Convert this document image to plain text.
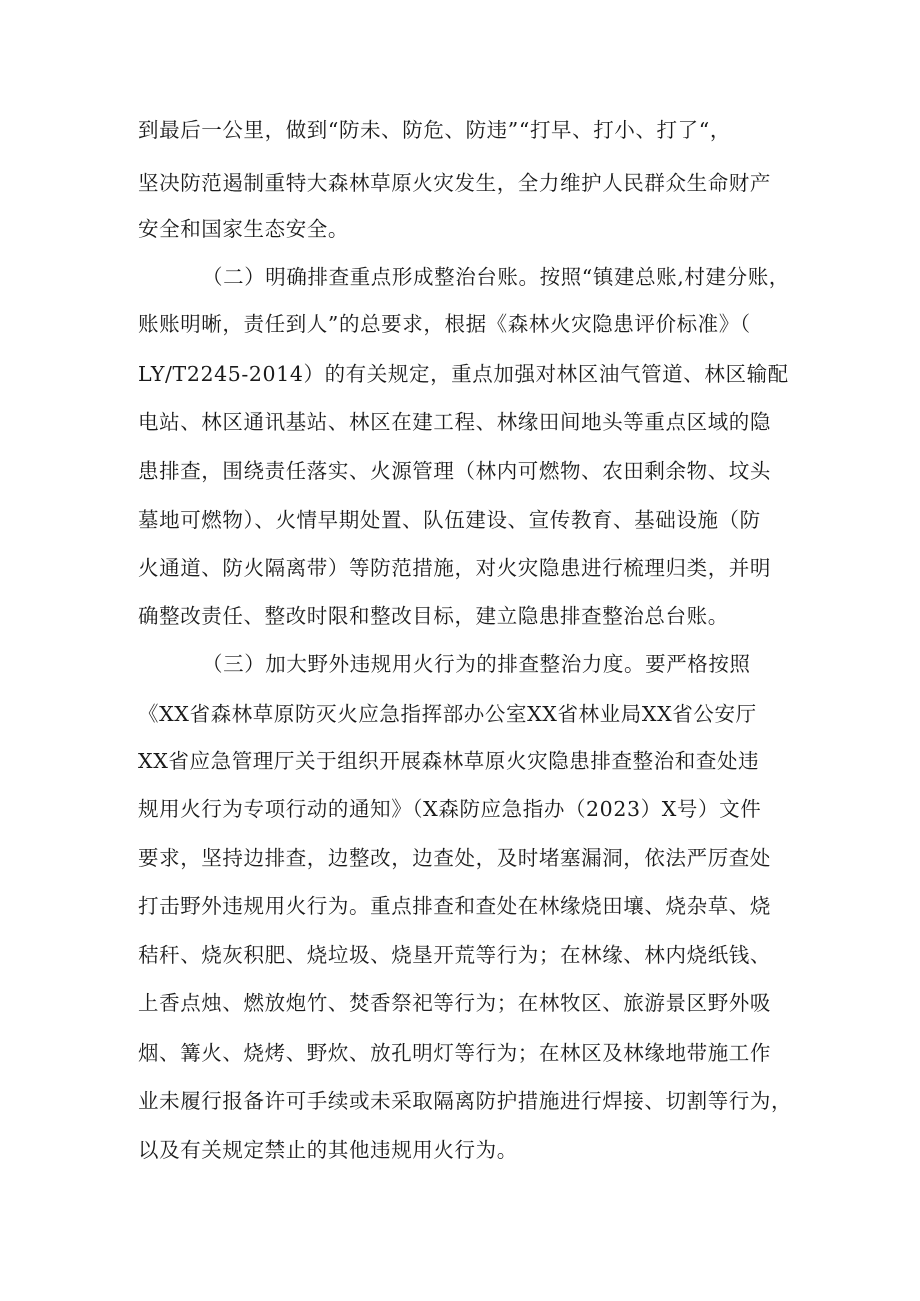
到最后一公里，做到“防未、防危、防违”“打早、打小、打了“，
坚决防范遏制重特大森林草原火灾发生，全力维护人民群众生命财产
安全和国家生态安全。
（二）明确排查重点形成整治台账。按照“镇建总账,村建分账，
账账明晰，责任到人”的总要求，根据《森林火灾隐患评价标准》（
LY/T2245-2014）的有关规定，重点加强对林区油气管道、林区输配
电站、林区通讯基站、林区在建工程、林缘田间地头等重点区域的隐
患排查，围绕责任落实、火源管理（林内可燃物、农田剩余物、坟头
墓地可燃物）、火情早期处置、队伍建设、宣传教育、基础设施（防
火通道、防火隔离带）等防范措施，对火灾隐患进行梳理归类，并明
确整改责任、整改时限和整改目标，建立隐患排查整治总台账。
（三）加大野外违规用火行为的排查整治力度。要严格按照
《XX省森林草原防灭火应急指挥部办公室XX省林业局XX省公安厅
XX省应急管理厅关于组织开展森林草原火灾隐患排查整治和查处违
规用火行为专项行动的通知》（X森防应急指办（2023）X号）文件
要求，坚持边排查，边整改，边查处，及时堵塞漏洞，依法严厉查处
打击野外违规用火行为。重点排查和查处在林缘烧田壤、烧杂草、烧
秸秆、烧灰积肥、烧垃圾、烧垦开荒等行为；在林缘、林内烧纸钱、
上香点烛、燃放炮竹、焚香祭祀等行为；在林牧区、旅游景区野外吸
烟、篝火、烧烤、野炊、放孔明灯等行为；在林区及林缘地带施工作
业未履行报备许可手续或未采取隔离防护措施进行焊接、切割等行为，
以及有关规定禁止的其他违规用火行为。
